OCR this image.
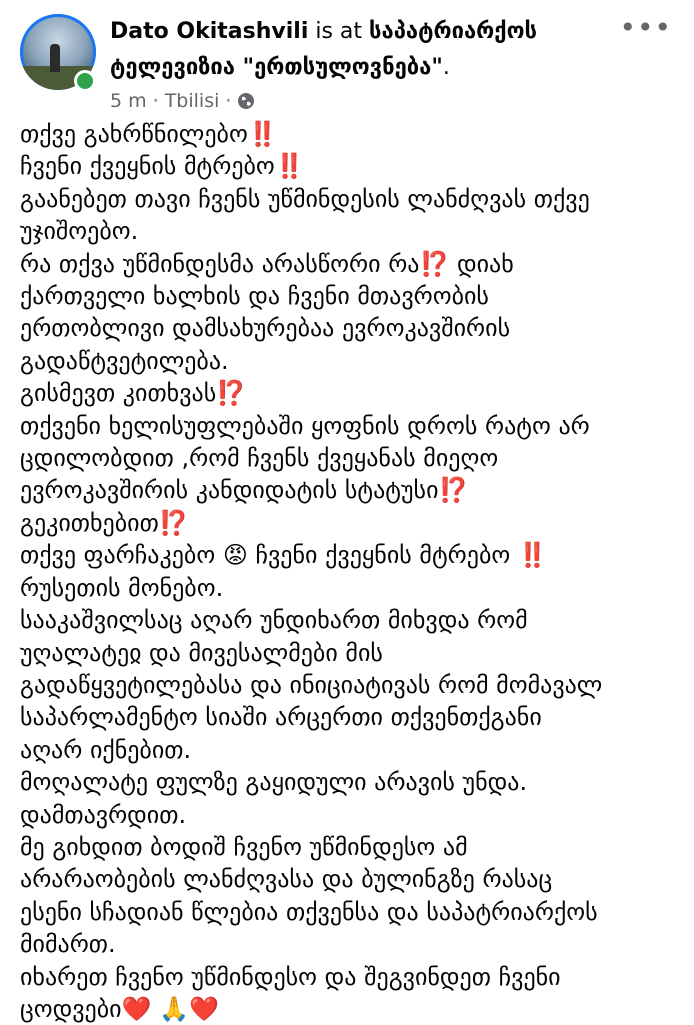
Dato Okitashvili is at საპატრიარქოს
ტელევიზია "ერთსულოვნება".
5 m · Tbilisi ·
•••
თქვე გახრწნილებო‼️
ჩვენი ქვეყნის მტრებო‼️
გაანებეთ თავი ჩვენს უწმინდესის ლანძღვას თქვე
უჯიშოებო.
რა თქვა უწმინდესმა არასწორი რა⁉️ დიახ
ქართველი ხალხის და ჩვენი მთავრობის
ერთობლივი დამსახურებაა ევროკავშირის
გადაწტვეტილება.
გისმევთ კითხვას⁉️
თქვენი ხელისუფლებაში ყოფნის დროს რატო არ
ცდილობდით ,რომ ჩვენს ქვეყანას მიეღო
ევროკავშირის კანდიდატის სტატუსი⁉️
გეკითხებით⁉️
თქვე ფარჩაკებო 😡 ჩვენი ქვეყნის მტრებო ‼️
რუსეთის მონებო.
სააკაშვილსაც აღარ უნდიხართ მიხვდა რომ
უღალატეჲ და მივესალმები მის
გადაწყვეტილებასა და ინიციატივას რომ მომავალ
საპარლამენტო სიაში არცერთი თქვენთქგანი
აღარ იქნებით.
მოღალატე ფულზე გაყიდული არავის უნდა.
დამთავრდით.
მე გიხდით ბოდიშ ჩვენო უწმინდესო ამ
არარაობების ლანძღვასა და ბულინგზე რასაც
ესენი სჩადიან წლებია თქვენსა და საპატრიარქოს
მიმართ.
იხარეთ ჩვენო უწმინდესო და შეგვინდეთ ჩვენი
ცოდვები❤️ 🙏❤️
